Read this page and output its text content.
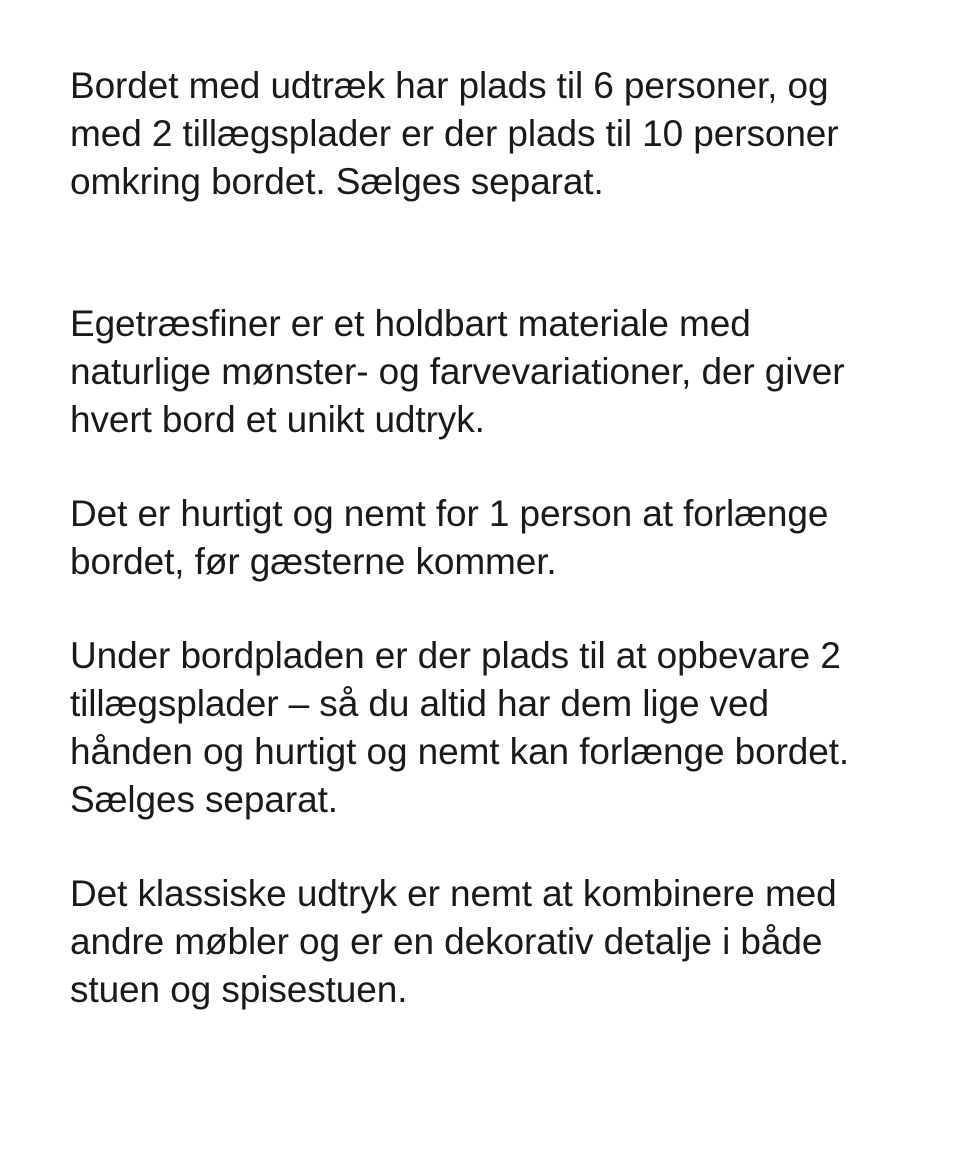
Bordet med udtræk har plads til 6 personer, og med 2 tillægsplader er der plads til 10 personer omkring bordet. Sælges separat.

Egetræsfiner er et holdbart materiale med naturlige mønster- og farvevariationer, der giver hvert bord et unikt udtryk.

Det er hurtigt og nemt for 1 person at forlænge bordet, før gæsterne kommer.

Under bordpladen er der plads til at opbevare 2 tillægsplader – så du altid har dem lige ved hånden og hurtigt og nemt kan forlænge bordet. Sælges separat.

Det klassiske udtryk er nemt at kombinere med andre møbler og er en dekorativ detalje i både stuen og spisestuen.
